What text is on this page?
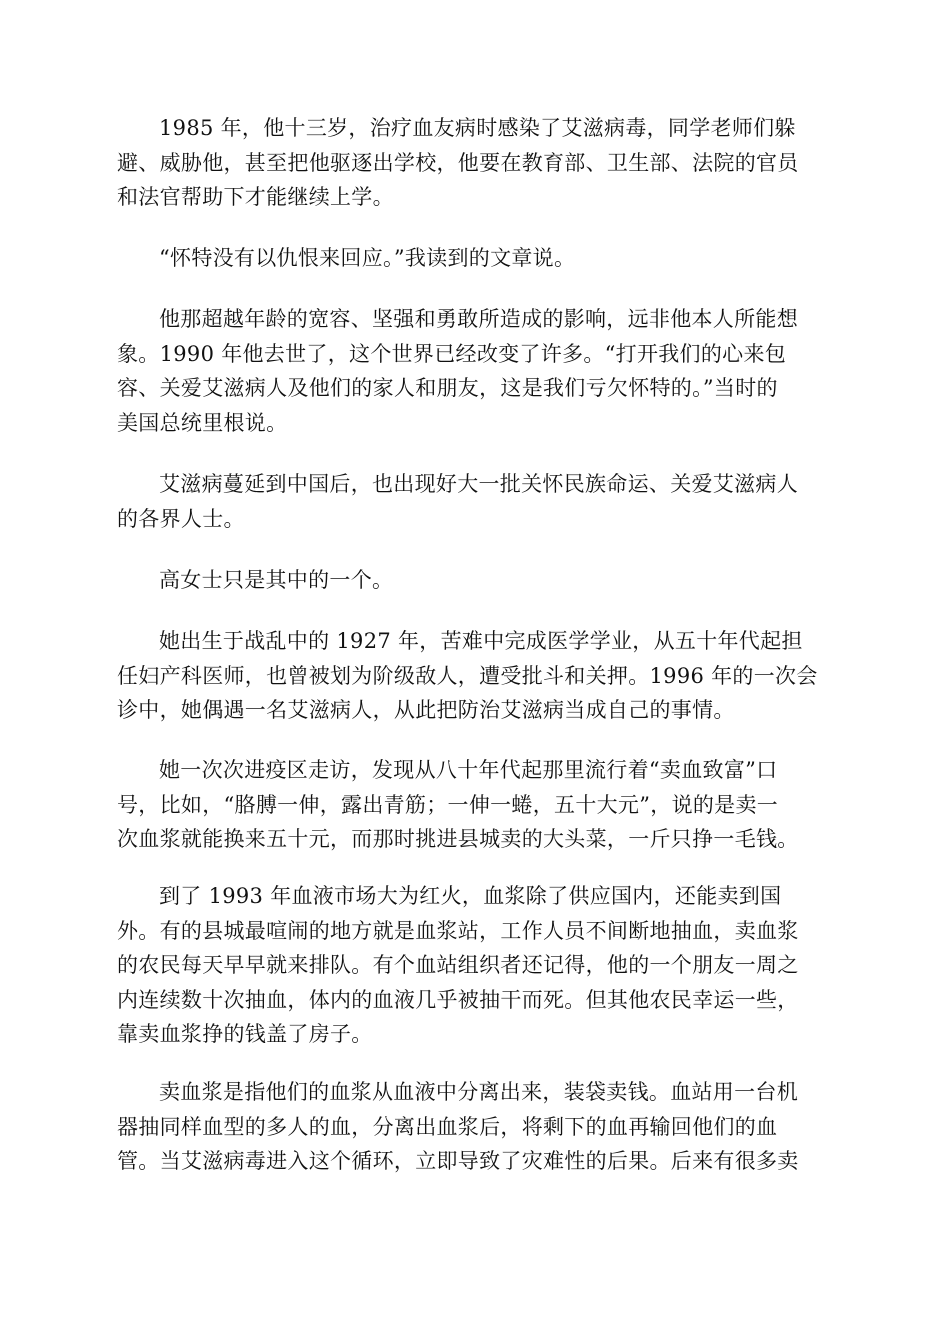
1985 年，他十三岁，治疗血友病时感染了艾滋病毒，同学老师们躲
避、威胁他，甚至把他驱逐出学校，他要在教育部、卫生部、法院的官员
和法官帮助下才能继续上学。

“怀特没有以仇恨来回应。”我读到的文章说。

他那超越年龄的宽容、坚强和勇敢所造成的影响，远非他本人所能想
象。1990 年他去世了，这个世界已经改变了许多。“打开我们的心来包
容、关爱艾滋病人及他们的家人和朋友，这是我们亏欠怀特的。”当时的
美国总统里根说。

艾滋病蔓延到中国后，也出现好大一批关怀民族命运、关爱艾滋病人
的各界人士。

高女士只是其中的一个。

她出生于战乱中的 1927 年，苦难中完成医学学业，从五十年代起担
任妇产科医师，也曾被划为阶级敌人，遭受批斗和关押。1996 年的一次会
诊中，她偶遇一名艾滋病人，从此把防治艾滋病当成自己的事情。

她一次次进疫区走访，发现从八十年代起那里流行着“卖血致富”口
号，比如，“胳膊一伸，露出青筋；一伸一蜷，五十大元”，说的是卖一
次血浆就能换来五十元，而那时挑进县城卖的大头菜，一斤只挣一毛钱。

到了 1993 年血液市场大为红火，血浆除了供应国内，还能卖到国
外。有的县城最喧闹的地方就是血浆站，工作人员不间断地抽血，卖血浆
的农民每天早早就来排队。有个血站组织者还记得，他的一个朋友一周之
内连续数十次抽血，体内的血液几乎被抽干而死。但其他农民幸运一些，
靠卖血浆挣的钱盖了房子。

卖血浆是指他们的血浆从血液中分离出来，装袋卖钱。血站用一台机
器抽同样血型的多人的血，分离出血浆后，将剩下的血再输回他们的血
管。当艾滋病毒进入这个循环，立即导致了灾难性的后果。后来有很多卖
